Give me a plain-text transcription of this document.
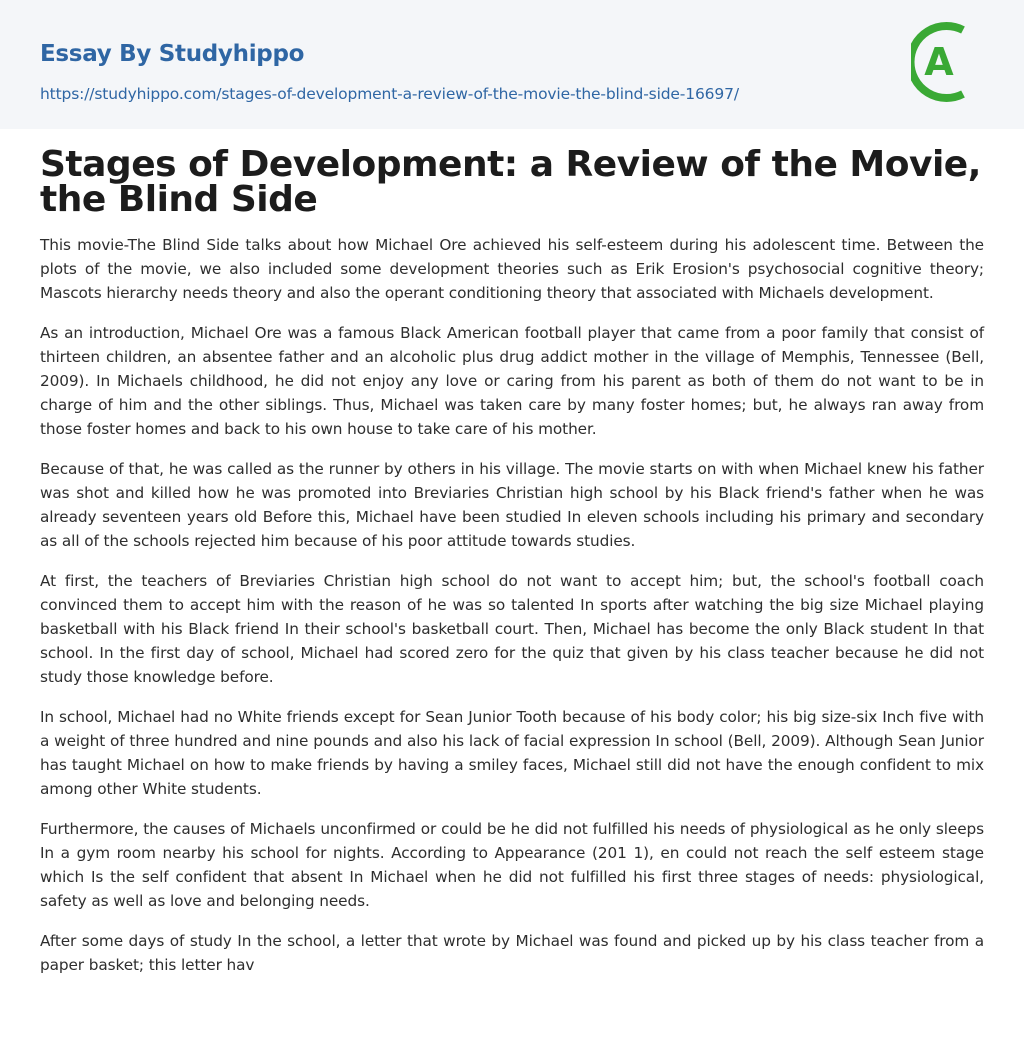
Essay By Studyhippo
https://studyhippo.com/stages-of-development-a-review-of-the-movie-the-blind-side-16697/
A
Stages of Development: a Review of the Movie, the Blind Side

This movie-The Blind Side talks about how Michael Ore achieved his self-esteem during his adolescent time. Between the plots of the movie, we also included some development theories such as Erik Erosion's psychosocial cognitive theory; Mascots hierarchy needs theory and also the operant conditioning theory that associated with Michaels development.

As an introduction, Michael Ore was a famous Black American football player that came from a poor family that consist of thirteen children, an absentee father and an alcoholic plus drug addict mother in the village of Memphis, Tennessee (Bell, 2009). In Michaels childhood, he did not enjoy any love or caring from his parent as both of them do not want to be in charge of him and the other siblings. Thus, Michael was taken care by many foster homes; but, he always ran away from those foster homes and back to his own house to take care of his mother.

Because of that, he was called as the runner by others in his village. The movie starts on with when Michael knew his father was shot and killed how he was promoted into Breviaries Christian high school by his Black friend's father when he was already seventeen years old Before this, Michael have been studied In eleven schools including his primary and secondary as all of the schools rejected him because of his poor attitude towards studies.

At first, the teachers of Breviaries Christian high school do not want to accept him; but, the school's football coach convinced them to accept him with the reason of he was so talented In sports after watching the big size Michael playing basketball with his Black friend In their school's basketball court. Then, Michael has become the only Black student In that school. In the first day of school, Michael had scored zero for the quiz that given by his class teacher because he did not study those knowledge before.

In school, Michael had no White friends except for Sean Junior Tooth because of his body color; his big size-six Inch five with a weight of three hundred and nine pounds and also his lack of facial expression In school (Bell, 2009). Although Sean Junior has taught Michael on how to make friends by having a smiley faces, Michael still did not have the enough confident to mix among other White students.

Furthermore, the causes of Michaels unconfirmed or could be he did not fulfilled his needs of physiological as he only sleeps In a gym room nearby his school for nights. According to Appearance (201 1), en could not reach the self esteem stage which Is the self confident that absent In Michael when he did not fulfilled his first three stages of needs: physiological, safety as well as love and belonging needs.

After some days of study In the school, a letter that wrote by Michael was found and picked up by his class teacher from a paper basket; this letter hav
